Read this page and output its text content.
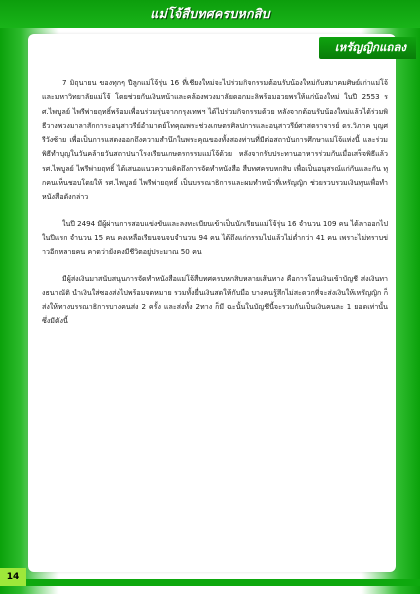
แม่โจ้สืบทศครบหกสิบ
เหรัญญิกแถลง

7 มิถุนายน ของทุกๆ ปีลูกแม่โจ้รุ่น 16 ที่เชียงใหม่จะไปร่วมกิจกรรมต้อนรับน้องใหม่กับสมาคมศิษย์เก่าแม่โจ้และมหาวิทยาลัยแม่โจ้ โดยช่วยกันเงินหน้าและคล้องพวงมาลัยดอกมะลิพร้อมอวยพรให้แก่น้องใหม่ ในปี 2553 รศ.ไพบูลย์ ไพรีพ่ายฤทธิ์พร้อมเพื่อนร่วมรุ่นจากกรุงเทพฯ ได้ไปร่วมกิจกรรมด้วย หลังจากต้อนรับน้องใหม่แล้วได้ร่วมพิธีวางพวงมาลาสักการะอนุสาวรีย์อำมาตย์โทคุณพระช่วงเกษตรศิลปการและอนุสาวรีย์ศาสตราจารย์ ดร.วิภาค บุญศรีวังซ้าย เพื่อเป็นการแสดงออกถึงความสำนึกในพระคุณของทั้งสองท่านที่มีต่อสถาบันการศึกษาแม่โจ้แห่งนี้ และร่วมพิธีทำบุญในวันคล้ายวันสถาปนาโรงเรียนเกษตรกรรมแม่โจ้ด้วย หลังจากรับประทานอาหารร่วมกันเมื่อเสร็จพิธีแล้ว รศ.ไพบูลย์ ไพรีพ่ายฤทธิ์ ได้เสนอแนวความคิดถึงการจัดทำหนังสือ สืบทศครบหกสิบ เพื่อเป็นอนุสรณ์แก่กันและกัน ทุกคนเห็นชอบโดยให้ รศ.ไพบูลย์ ไพรีพ่ายฤทธิ์ เป็นบรรณาธิการและผมทำหน้าที่เหรัญญิก ช่วยรวบรวมเงินทุนเพื่อทำหนังสือดังกล่าว

ในปี 2494 มีผู้ผ่านการสอบแข่งขันและลงทะเบียนเข้าเป็นนักเรียนแม่โจ้รุ่น 16 จำนวน 109 คน ได้ลาออกไปในปีแรก จำนวน 15 คน คงเหลือเรียนจนจบจำนวน 94 คน ได้ถึงแก่กรรมไปแล้วไม่ต่ำกว่า 41 คน เพราะไม่ทราบข่าวอีกหลายคน คาดว่ายังคงมีชีวิตอยู่ประมาณ 50 คน

มีผู้ส่งเงินมาสนับสนุนการจัดทำหนังสือแม่โจ้สืบทศครบหกสิบหลายเส้นทาง คือการโอนเงินเข้าบัญชี ส่งเงินทางธนาณัติ นำเงินใส่ซองส่งไปพร้อมจดหมาย รวมทั้งยื่นเงินสดให้กับมือ บางคนรู้สึกไม่สะดวกที่จะส่งเงินให้เหรัญญิก ก็ส่งให้ทางบรรณาธิการบางคนส่ง 2 ครั้ง และส่งทั้ง 2ทาง ก็มี ฉะนั้นในบัญชีนี้จะรวมกันเป็นเงินคนละ 1 ยอดเท่านั้น ซึ่งมีดังนี้

14
